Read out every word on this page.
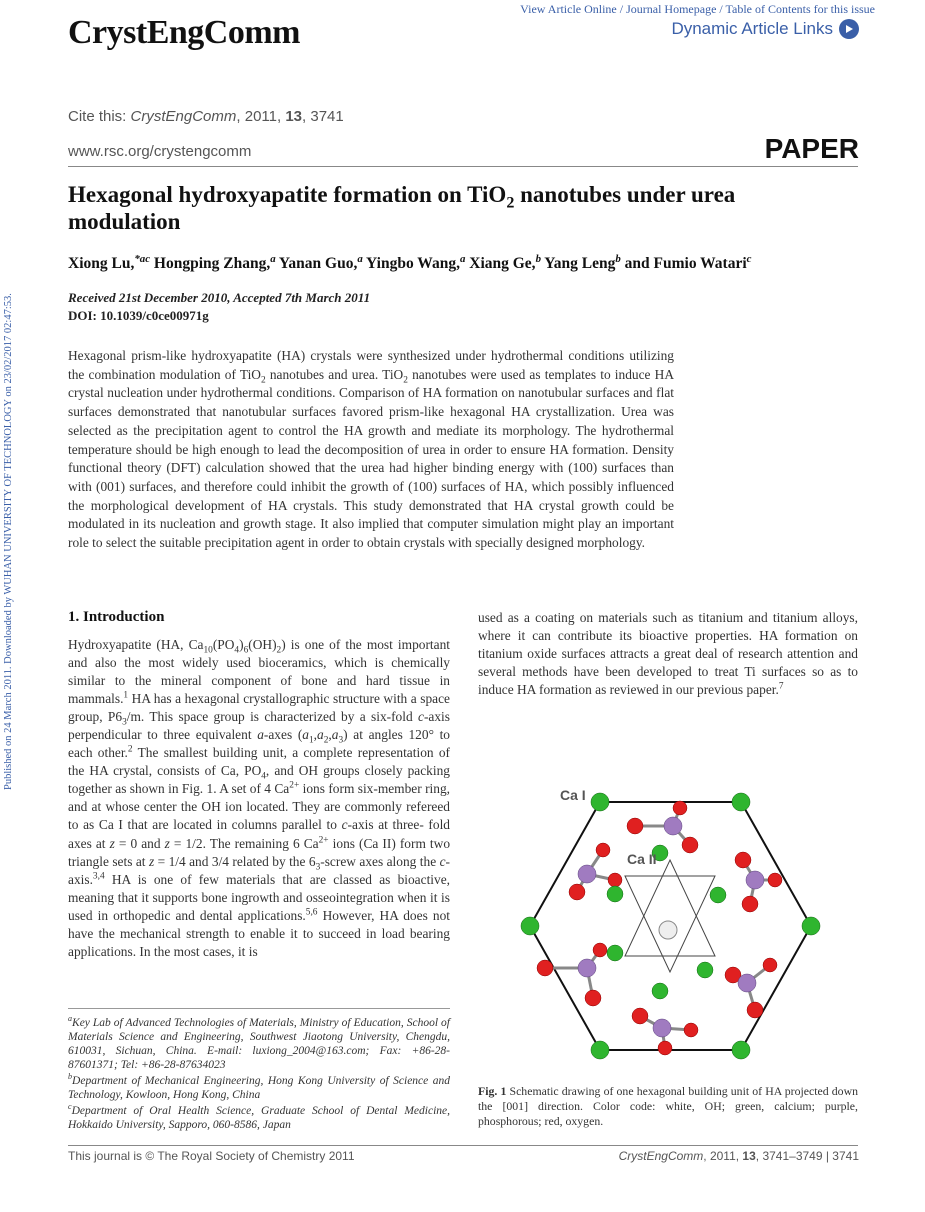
View Article Online / Journal Homepage / Table of Contents for this issue
CrystEngComm	Dynamic Article Links
Cite this: CrystEngComm, 2011, 13, 3741
www.rsc.org/crystengcomm	PAPER
Hexagonal hydroxyapatite formation on TiO$_2$ nanotubes under urea modulation
Xiong Lu,$^{*ac}$ Hongping Zhang,$^a$ Yanan Guo,$^a$ Yingbo Wang,$^a$ Xiang Ge,$^b$ Yang Leng$^b$ and Fumio Watari$^c$
Received 21st December 2010, Accepted 7th March 2011
DOI: 10.1039/c0ce00971g
Hexagonal prism-like hydroxyapatite (HA) crystals were synthesized under hydrothermal conditions utilizing the combination modulation of TiO$_2$ nanotubes and urea. TiO$_2$ nanotubes were used as templates to induce HA crystal nucleation under hydrothermal conditions. Comparison of HA formation on nanotubular surfaces and flat surfaces demonstrated that nanotubular surfaces favored prism-like hexagonal HA crystallization. Urea was selected as the precipitation agent to control the HA growth and mediate its morphology. The hydrothermal temperature should be high enough to lead the decomposition of urea in order to ensure HA formation. Density functional theory (DFT) calculation showed that the urea had higher binding energy with (100) surfaces than with (001) surfaces, and therefore could inhibit the growth of (100) surfaces of HA, which possibly influenced the morphological development of HA crystals. This study demonstrated that HA crystal growth could be modulated in its nucleation and growth stage. It also implied that computer simulation might play an important role to select the suitable precipitation agent in order to obtain crystals with specially designed morphology.
Published on 24 March 2011. Downloaded by WUHAN UNIVERSITY OF TECHNOLOGY on 23/02/2017 02:47:53.	1. Introduction
Hydroxyapatite (HA, $Ca_{10}(PO_4)_6(OH)_2$) is one of the most important and also the most widely used bioceramics, which is chemically similar to the mineral component of bone and hard tissue in mammals.$^1$ HA has a hexagonal crystallographic structure with a space group, $P6_3/m$. This space group is characterized by a six-fold c-axis perpendicular to three equivalent a-axes $(a_1,a_2,a_3)$ at angles 120° to each other.$^2$ The smallest building unit, a complete representation of the HA crystal, consists of Ca, $PO_4$, and OH groups closely packing together as shown in Fig. 1. A set of 4 $Ca^{2+}$ ions form six-member ring, and at whose center the OH ion located. They are commonly refereed to as Ca I that are located in columns parallel to c-axis at three- fold axes at z = 0 and z = 1/2. The remaining 6 $Ca^{2+}$ ions (Ca II) form two triangle sets at z = 1/4 and 3/4 related by the $6_3$-screw axes along the c-axis.$^{3,4}$ HA is one of few materials that are classed as bioactive, meaning that it supports bone ingrowth and osseointegration when it is used in orthopedic and dental applications.$^{5,6}$ However, HA does not have the mechanical strength to enable it to succeed in load bearing applications. In the most cases, it is
used as a coating on materials such as titanium and titanium alloys, where it can contribute its bioactive properties. HA formation on titanium oxide surfaces attracts a great deal of research attention and several methods have been developed to treat Ti surfaces so as to induce HA formation as reviewed in our previous paper.$^7$

$^a$Key Lab of Advanced Technologies of Materials, Ministry of Education, School of Materials Science and Engineering, Southwest Jiaotong University, Chengdu, 610031, Sichuan, China. E-mail: luxiong_2004@163.com; Fax: +86-28-87601371; Tel: +86-28-87634023

$^b$Department of Mechanical Engineering, Hong Kong University of Science and Technology, Kowloon, Hong Kong, China

$^c$Department of Oral Health Science, Graduate School of Dental Medicine, Hokkaido University, Sapporo, 060-8586, Japan

Ca I
Ca II
Fig. 1 Schematic drawing of one hexagonal building unit of HA projected down the [001] direction. Color code: white, OH; green, calcium; purple, phosphorous; red, oxygen.
This journal is © The Royal Society of Chemistry 2011	CrystEngComm, 2011, 13, 3741–3749 | 3741
